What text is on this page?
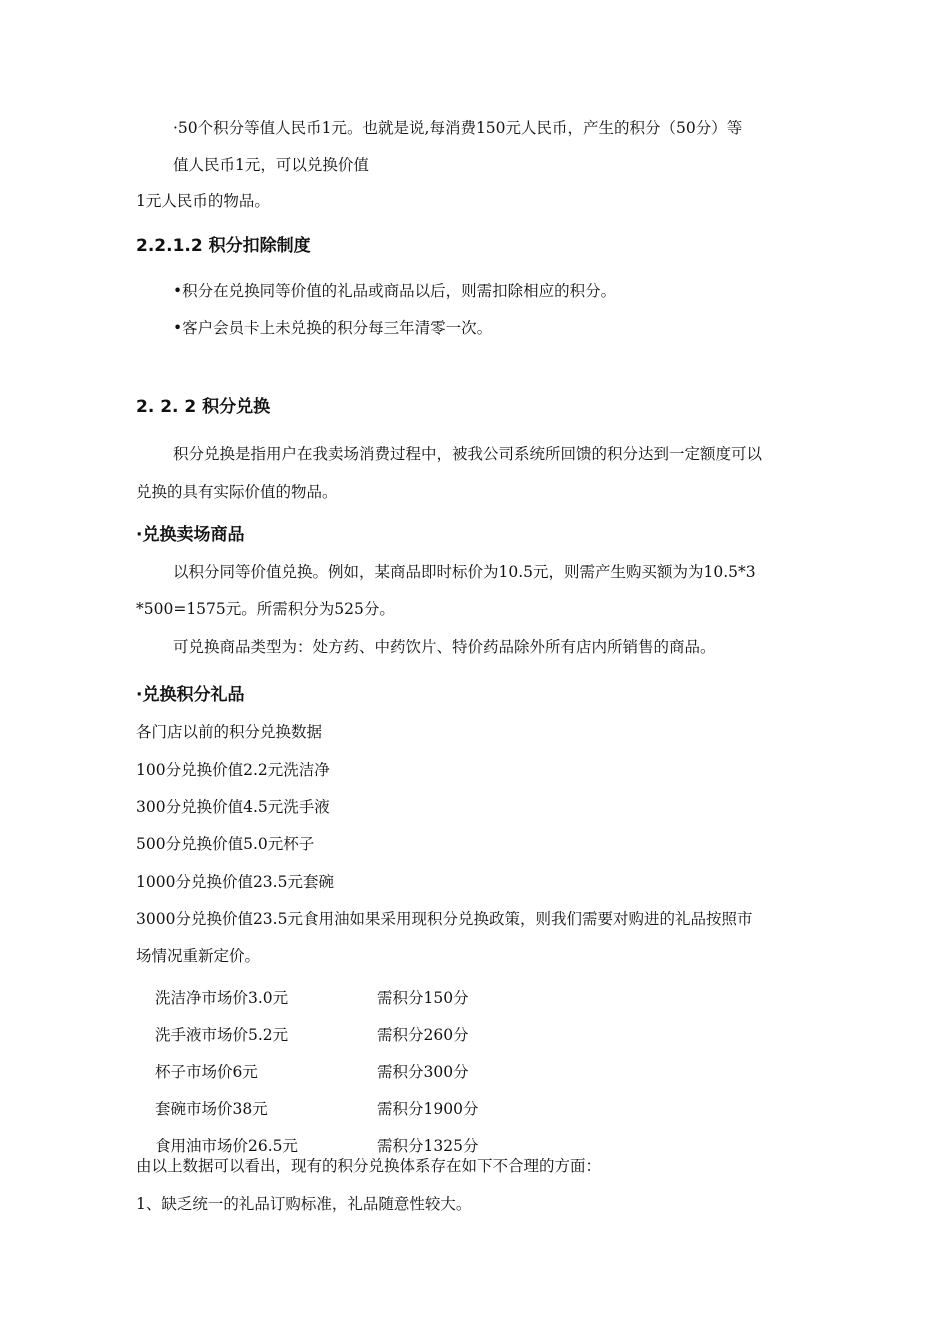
·50个积分等值人民币1元。也就是说,每消费150元人民币，产生的积分（50分）等
值人民币1元，可以兑换价值
1元人民币的物品。
2.2.1.2 积分扣除制度
•积分在兑换同等价值的礼品或商品以后，则需扣除相应的积分。
•客户会员卡上未兑换的积分每三年清零一次。
2. 2. 2 积分兑换
积分兑换是指用户在我卖场消费过程中，被我公司系统所回馈的积分达到一定额度可以
兑换的具有实际价值的物品。
·兑换卖场商品
以积分同等价值兑换。例如，某商品即时标价为10.5元，则需产生购买额为为10.5*3
*500=1575元。所需积分为525分。
可兑换商品类型为：处方药、中药饮片、特价药品除外所有店内所销售的商品。
·兑换积分礼品
各门店以前的积分兑换数据
100分兑换价值2.2元洗洁净
300分兑换价值4.5元洗手液
500分兑换价值5.0元杯子
1000分兑换价值23.5元套碗
3000分兑换价值23.5元食用油如果采用现积分兑换政策，则我们需要对购进的礼品按照市
场情况重新定价。
洗洁净市场价3.0元	需积分150分
洗手液市场价5.2元	需积分260分
杯子市场价6元	需积分300分
套碗市场价38元	需积分1900分
食用油市场价26.5元	需积分1325分
由以上数据可以看出，现有的积分兑换体系存在如下不合理的方面：
1、缺乏统一的礼品订购标准，礼品随意性较大。
